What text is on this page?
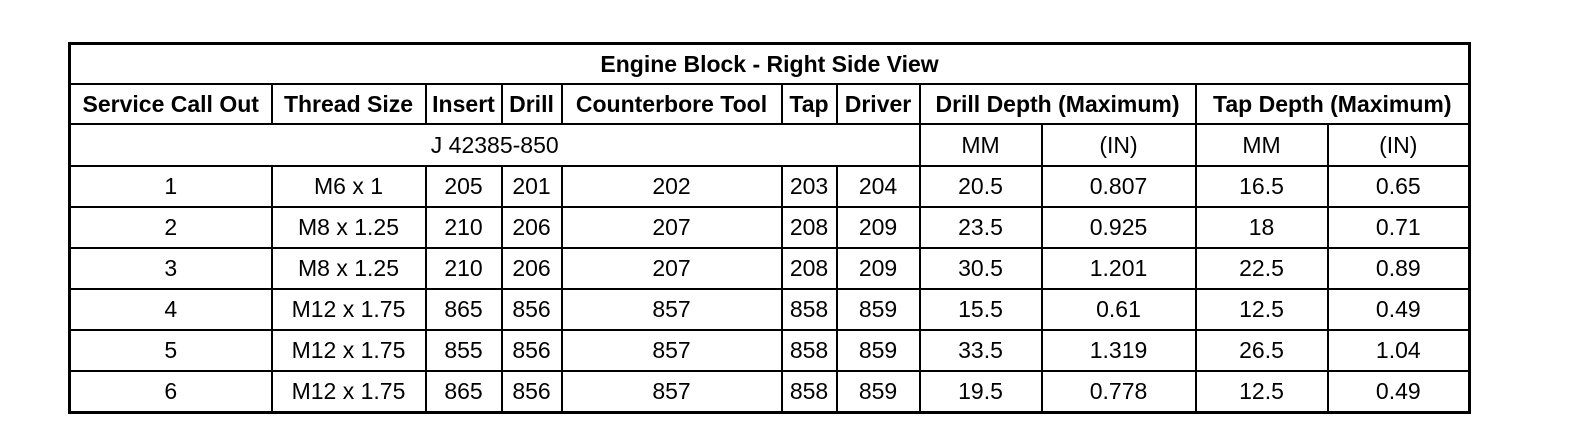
Engine Block - Right Side View										
Service Call Out	Thread Size	Insert	Drill	Counterbore Tool	Tap	Driver	Drill Depth (Maximum)		Tap Depth (Maximum)	
J 42385-850							MM	(IN)	MM	(IN)
1	M6 x 1	205	201	202	203	204	20.5	0.807	16.5	0.65
2	M8 x 1.25	210	206	207	208	209	23.5	0.925	18	0.71
3	M8 x 1.25	210	206	207	208	209	30.5	1.201	22.5	0.89
4	M12 x 1.75	865	856	857	858	859	15.5	0.61	12.5	0.49
5	M12 x 1.75	855	856	857	858	859	33.5	1.319	26.5	1.04
6	M12 x 1.75	865	856	857	858	859	19.5	0.778	12.5	0.49
